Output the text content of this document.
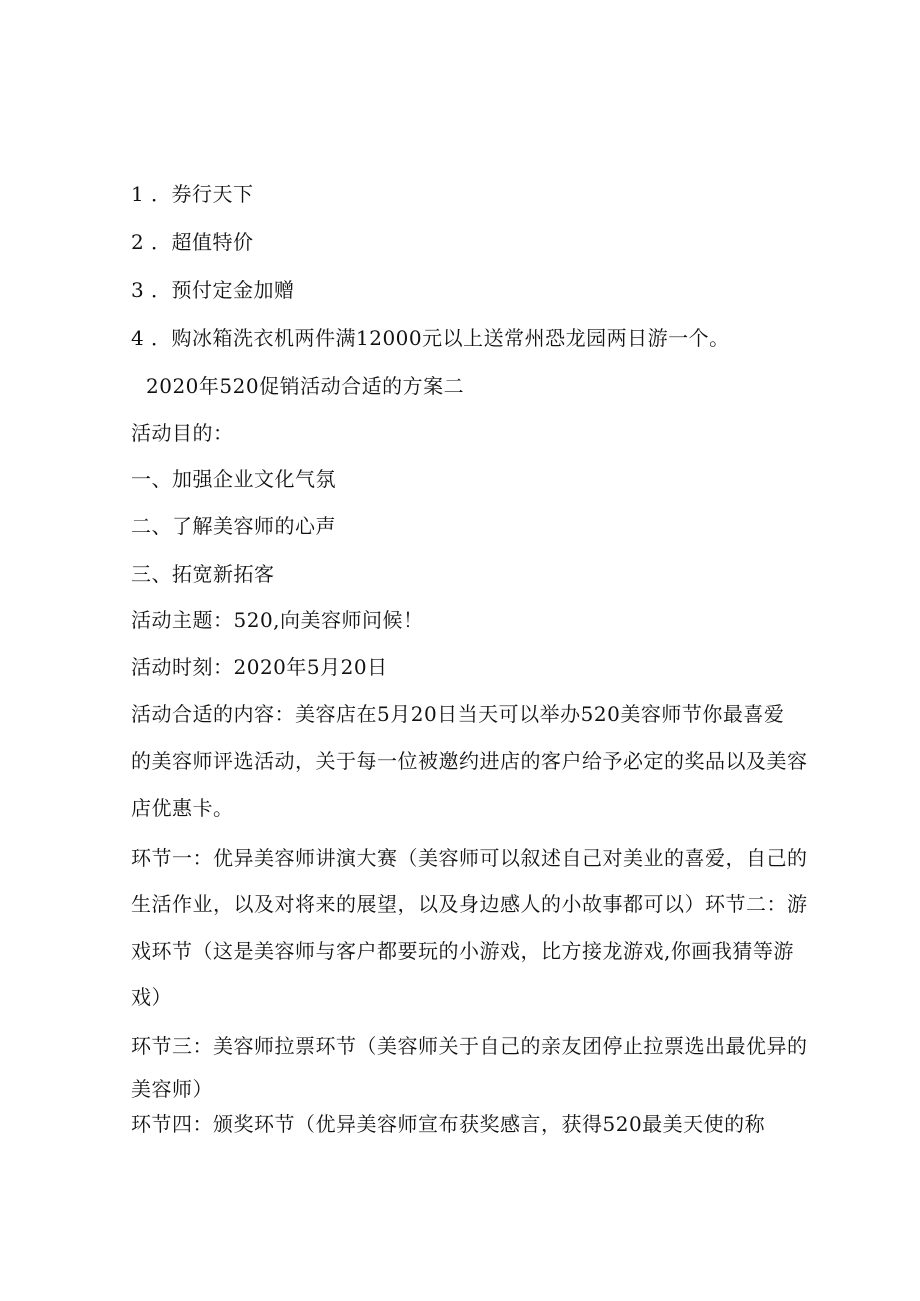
1 ．券行天下
2 ．超值特价
3 ．预付定金加赠
4 ．购冰箱洗衣机两件满12000元以上送常州恐龙园两日游一个。
2020年520促销活动合适的方案二
活动目的：
一、加强企业文化气氛
二、了解美容师的心声
三、拓宽新拓客
活动主题：520,向美容师问候！
活动时刻：2020年5月20日
活动合适的内容：美容店在5月20日当天可以举办520美容师节你最喜爱
的美容师评选活动，关于每一位被邀约进店的客户给予必定的奖品以及美容
店优惠卡。
环节一：优异美容师讲演大赛（美容师可以叙述自己对美业的喜爱，自己的
生活作业，以及对将来的展望，以及身边感人的小故事都可以）环节二：游
戏环节（这是美容师与客户都要玩的小游戏，比方接龙游戏,你画我猜等游
戏）
环节三：美容师拉票环节（美容师关于自己的亲友团停止拉票选出最优异的
美容师）
环节四：颁奖环节（优异美容师宣布获奖感言，获得520最美天使的称
